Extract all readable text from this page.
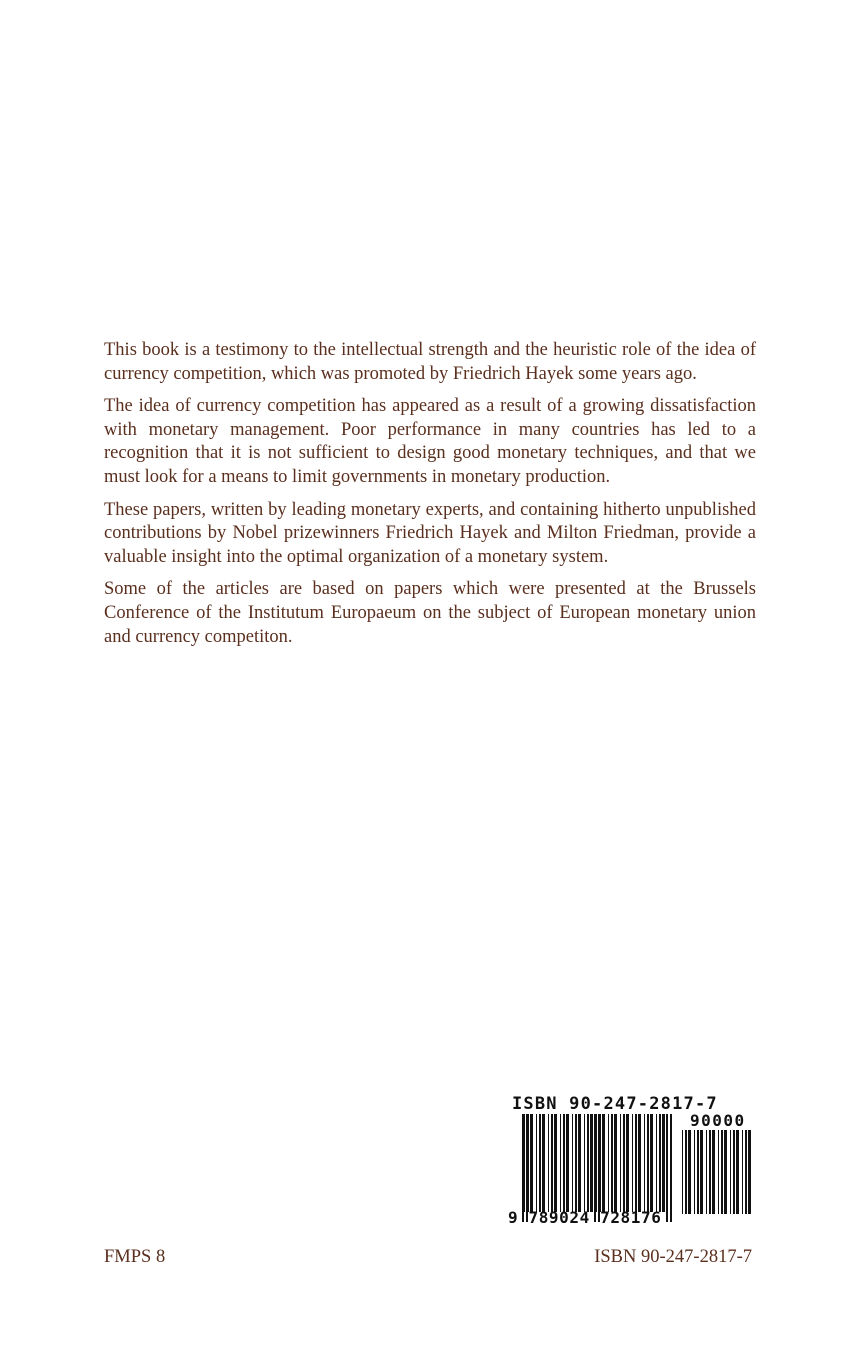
This book is a testimony to the intellectual strength and the heuristic role of the idea of currency competition, which was promoted by Friedrich Hayek some years ago.

The idea of currency competition has appeared as a result of a growing dissatisfaction with monetary management. Poor performance in many countries has led to a recognition that it is not sufficient to design good monetary techniques, and that we must look for a means to limit governments in monetary production.

These papers, written by leading monetary experts, and containing hitherto unpublished contributions by Nobel prizewinners Friedrich Hayek and Milton Friedman, provide a valuable insight into the optimal organization of a monetary system.

Some of the articles are based on papers which were presented at the Brussels Conference of the Institutum Europaeum on the subject of European monetary union and currency competiton.

ISBN 90-247-2817-7
90000
9 789024 728176
FMPS 8	ISBN 90-247-2817-7
